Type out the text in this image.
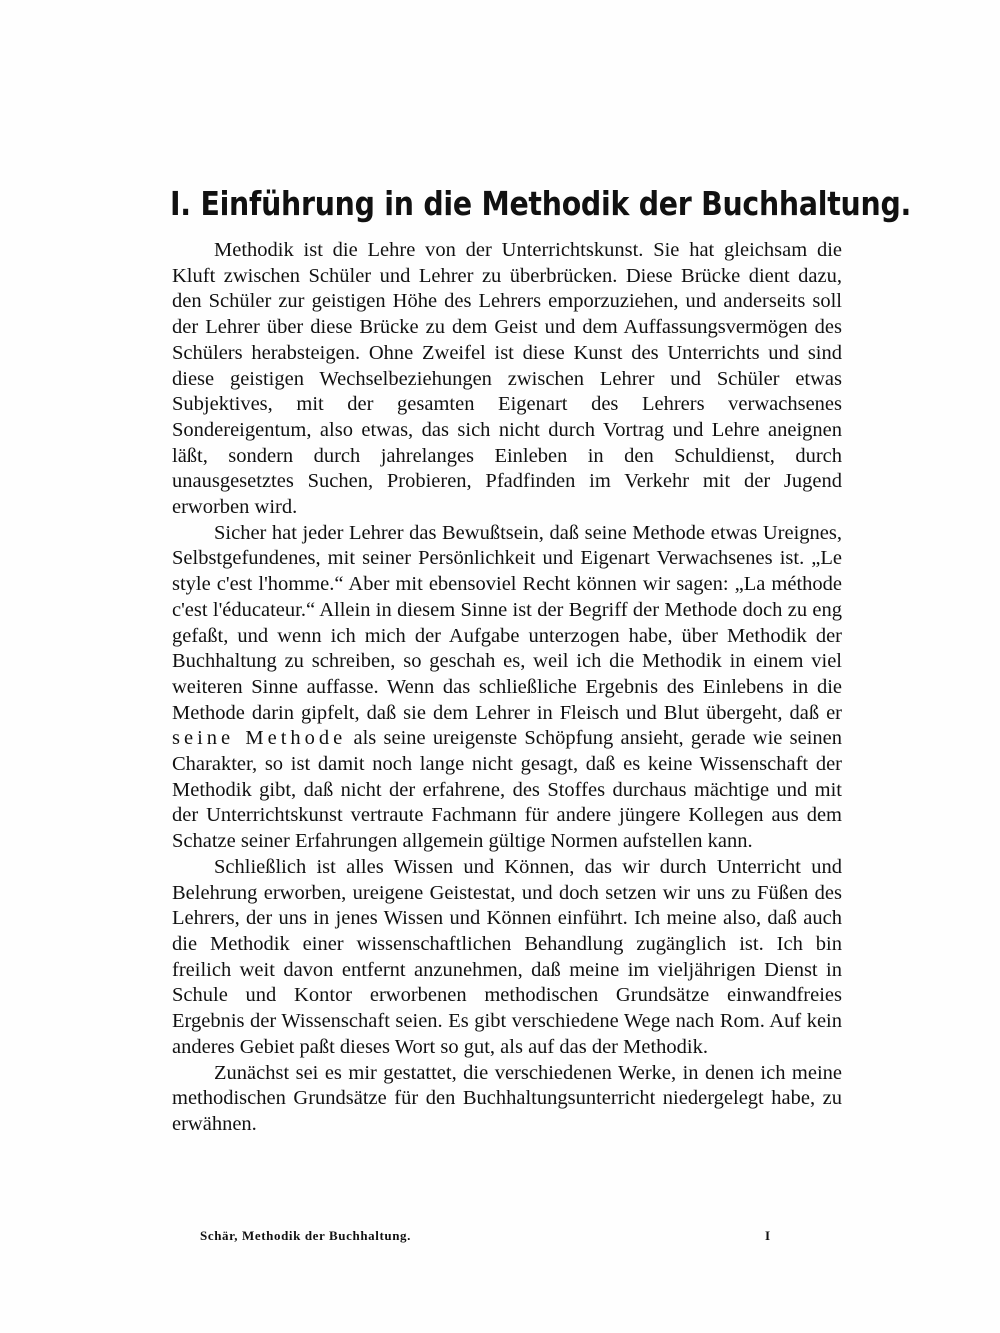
I. Einführung in die Methodik der Buchhaltung.

Methodik ist die Lehre von der Unterrichtskunst. Sie hat gleichsam die Kluft zwischen Schüler und Lehrer zu überbrücken. Diese Brücke dient dazu, den Schüler zur geistigen Höhe des Lehrers emporzuziehen, und anderseits soll der Lehrer über diese Brücke zu dem Geist und dem Auffassungsvermögen des Schülers herabsteigen. Ohne Zweifel ist diese Kunst des Unterrichts und sind diese geistigen Wechselbeziehungen zwischen Lehrer und Schüler etwas Subjektives, mit der gesamten Eigenart des Lehrers verwachsenes Sondereigentum, also etwas, das sich nicht durch Vortrag und Lehre aneignen läßt, sondern durch jahrelanges Einleben in den Schuldienst, durch unausgesetztes Suchen, Probieren, Pfadfinden im Verkehr mit der Jugend erworben wird.

Sicher hat jeder Lehrer das Bewußtsein, daß seine Methode etwas Ureignes, Selbstgefundenes, mit seiner Persönlichkeit und Eigenart Verwachsenes ist. „Le style c'est l'homme.“ Aber mit ebensoviel Recht können wir sagen: „La méthode c'est l'éducateur.“ Allein in diesem Sinne ist der Begriff der Methode doch zu eng gefaßt, und wenn ich mich der Aufgabe unterzogen habe, über Methodik der Buchhaltung zu schreiben, so geschah es, weil ich die Methodik in einem viel weiteren Sinne auffasse. Wenn das schließliche Ergebnis des Einlebens in die Methode darin gipfelt, daß sie dem Lehrer in Fleisch und Blut übergeht, daß er seine Methode als seine ureigenste Schöpfung ansieht, gerade wie seinen Charakter, so ist damit noch lange nicht gesagt, daß es keine Wissenschaft der Methodik gibt, daß nicht der erfahrene, des Stoffes durchaus mächtige und mit der Unterrichtskunst vertraute Fachmann für andere jüngere Kollegen aus dem Schatze seiner Erfahrungen allgemein gültige Normen aufstellen kann.

Schließlich ist alles Wissen und Können, das wir durch Unterricht und Belehrung erworben, ureigene Geistestat, und doch setzen wir uns zu Füßen des Lehrers, der uns in jenes Wissen und Können einführt. Ich meine also, daß auch die Methodik einer wissenschaftlichen Behandlung zugänglich ist. Ich bin freilich weit davon entfernt anzunehmen, daß meine im vieljährigen Dienst in Schule und Kontor erworbenen methodischen Grundsätze einwandfreies Ergebnis der Wissenschaft seien. Es gibt verschiedene Wege nach Rom. Auf kein anderes Gebiet paßt dieses Wort so gut, als auf das der Methodik.

Zunächst sei es mir gestattet, die verschiedenen Werke, in denen ich meine methodischen Grundsätze für den Buchhaltungsunterricht niedergelegt habe, zu erwähnen.

Schär, Methodik der Buchhaltung.	I
